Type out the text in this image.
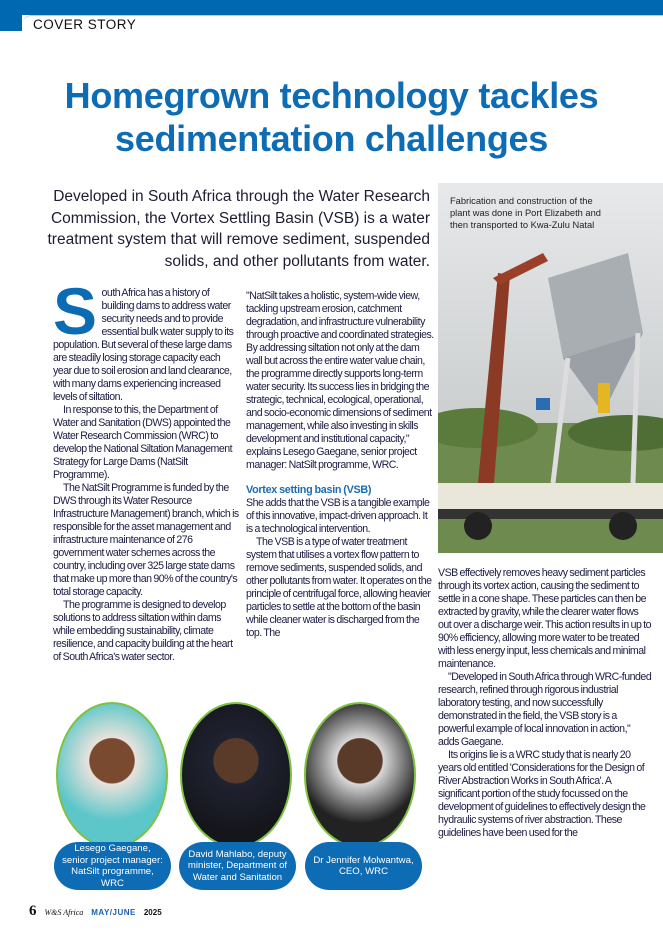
COVER STORY
Homegrown technology tackles
sedimentation challenges
Developed in South Africa through the Water Research Commission, the Vortex Settling Basin (VSB) is a water treatment system that will remove sediment, suspended solids, and other pollutants from water.
S outh Africa has a history of building dams to address water security needs and to provide essential bulk water supply to its population. But several of these large dams are steadily losing storage capacity each year due to soil erosion and land clearance, with many dams experiencing increased levels of siltation.

In response to this, the Department of Water and Sanitation (DWS) appointed the Water Research Commission (WRC) to develop the National Siltation Management Strategy for Large Dams (NatSilt Programme).

The NatSilt Programme is funded by the DWS through its Water Resource Infrastructure Management) branch, which is responsible for the asset management and infrastructure maintenance of 276 government water schemes across the country, including over 325 large state dams that make up more than 90% of the country's total storage capacity.

The programme is designed to develop solutions to address siltation within dams while embedding sustainability, climate resilience, and capacity building at the heart of South Africa's water sector.

"NatSilt takes a holistic, system-wide view, tackling upstream erosion, catchment degradation, and infrastructure vulnerability through proactive and coordinated strategies. By addressing siltation not only at the dam wall but across the entire water value chain, the programme directly supports long-term water security. Its success lies in bridging the strategic, technical, ecological, operational, and socio-economic dimensions of sediment management, while also investing in skills development and institutional capacity," explains Lesego Gaegane, senior project manager: NatSilt programme, WRC.

Vortex setting basin (VSB)

She adds that the VSB is a tangible example of this innovative, impact-driven approach. It is a technological intervention.

The VSB is a type of water treatment system that utilises a vortex flow pattern to remove sediments, suspended solids, and other pollutants from water. It operates on the principle of centrifugal force, allowing heavier particles to settle at the bottom of the basin while cleaner water is discharged from the top. The

Fabrication and construction of the plant was done in Port Elizabeth and then transported to Kwa-Zulu Natal

VSB effectively removes heavy sediment particles through its vortex action, causing the sediment to settle in a cone shape. These particles can then be extracted by gravity, while the clearer water flows out over a discharge weir. This action results in up to 90% efficiency, allowing more water to be treated with less energy input, less chemicals and minimal maintenance.

"Developed in South Africa through WRC-funded research, refined through rigorous industrial laboratory testing, and now successfully demonstrated in the field, the VSB story is a powerful example of local innovation in action," adds Gaegane.

Its origins lie is a WRC study that is nearly 20 years old entitled 'Considerations for the Design of River Abstraction Works in South Africa'. A significant portion of the study focussed on the development of guidelines to effectively design the hydraulic systems of river abstraction. These guidelines have been used for the

Lesego Gaegane, senior project manager: NatSilt programme, WRC
David Mahlabo, deputy minister, Department of Water and Sanitation
Dr Jennifer Molwantwa, CEO, WRC
6 W&S Africa MAY/JUNE 2025
